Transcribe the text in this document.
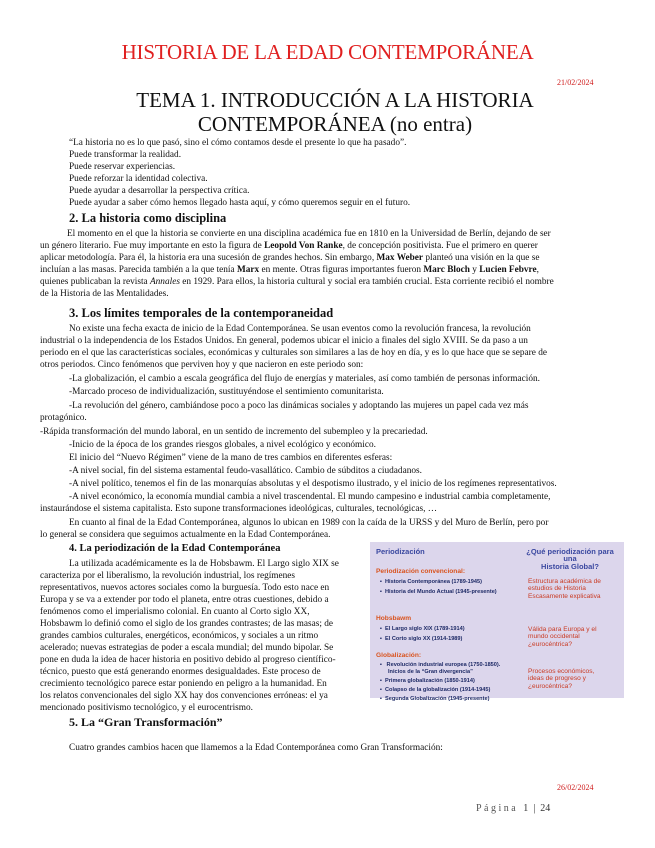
HISTORIA DE LA EDAD CONTEMPORÁNEA
21/02/2024
TEMA 1. INTRODUCCIÓN A LA HISTORIA
CONTEMPORÁNEA (no entra)
“La historia no es lo que pasó, sino el cómo contamos desde el presente lo que ha pasado”.
Puede transformar la realidad.
Puede reservar experiencias.
Puede reforzar la identidad colectiva.
Puede ayudar a desarrollar la perspectiva crítica.
Puede ayudar a saber cómo hemos llegado hasta aquí, y cómo queremos seguir en el futuro.
2. La historia como disciplina
El momento en el que la historia se convierte en una disciplina académica fue en 1810 en la Universidad de Berlín, dejando de ser
un género literario. Fue muy importante en esto la figura de Leopold Von Ranke, de concepción positivista. Fue el primero en querer
aplicar metodología. Para él, la historia era una sucesión de grandes hechos. Sin embargo, Max Weber planteó una visión en la que se
incluían a las masas. Parecida también a la que tenía Marx en mente. Otras figuras importantes fueron Marc Bloch y Lucien Febvre,
quienes publicaban la revista Annales en 1929. Para ellos, la historia cultural y social era también crucial. Esta corriente recibió el nombre
de la Historia de las Mentalidades.
3. Los límites temporales de la contemporaneidad
No existe una fecha exacta de inicio de la Edad Contemporánea. Se usan eventos como la revolución francesa, la revolución
industrial o la independencia de los Estados Unidos. En general, podemos ubicar el inicio a finales del siglo XVIII. Se da paso a un
periodo en el que las características sociales, económicas y culturales son similares a las de hoy en día, y es lo que hace que se separe de
otros periodos. Cinco fenómenos que perviven hoy y que nacieron en este periodo son:
-La globalización, el cambio a escala geográfica del flujo de energías y materiales, así como también de personas información.
-Marcado proceso de individualización, sustituyéndose el sentimiento comunitarista.
-La revolución del género, cambiándose poco a poco las dinámicas sociales y adoptando las mujeres un papel cada vez más
protagónico.
-Rápida transformación del mundo laboral, en un sentido de incremento del subempleo y la precariedad.
-Inicio de la época de los grandes riesgos globales, a nivel ecológico y económico.
El inicio del “Nuevo Régimen” viene de la mano de tres cambios en diferentes esferas:
-A nivel social, fin del sistema estamental feudo-vasallático. Cambio de súbditos a ciudadanos.
-A nivel político, tenemos el fin de las monarquías absolutas y el despotismo ilustrado, y el inicio de los regímenes representativos.
-A nivel económico, la economía mundial cambia a nivel trascendental. El mundo campesino e industrial cambia completamente,
instaurándose el sistema capitalista. Esto supone transformaciones ideológicas, culturales, tecnológicas, …
En cuanto al final de la Edad Contemporánea, algunos lo ubican en 1989 con la caída de la URSS y del Muro de Berlín, pero por
lo general se considera que seguimos actualmente en la Edad Contemporánea.
4. La periodización de la Edad Contemporánea
La utilizada académicamente es la de Hobsbawm. El Largo siglo XIX se
caracteriza por el liberalismo, la revolución industrial, los regímenes
representativos, nuevos actores sociales como la burguesía. Todo esto nace en
Europa y se va a extender por todo el planeta, entre otras cuestiones, debido a
fenómenos como el imperialismo colonial. En cuanto al Corto siglo XX,
Hobsbawm lo definió como el siglo de los grandes contrastes; de las masas; de
grandes cambios culturales, energéticos, económicos, y sociales a un ritmo
acelerado; nuevas estrategias de poder a escala mundial; del mundo bipolar. Se
pone en duda la idea de hacer historia en positivo debido al progreso científico-
técnico, puesto que está generando enormes desigualdades. Este proceso de
crecimiento tecnológico parece estar poniendo en peligro a la humanidad. En
los relatos convencionales del siglo XX hay dos convenciones erróneas: el ya
mencionado positivismo tecnológico, y el eurocentrismo.
Periodización	¿Qué periodización para una
Historia Global?
Periodización convencional:
▪ Historia Contemporánea (1789-1945)
▪ Historia del Mundo Actual (1945-presente)
Estructura académica de
estudios de Historia
Escasamente explicativa
Hobsbawm
▪ El Largo siglo XIX (1789-1914)
▪ El Corto siglo XX (1914-1989)
Válida para Europa y el
mundo occidental
¿eurocéntrica?
Globalización:
▪ Revolución industrial europea (1750-1850).
Inicios de la “Gran divergencia”
▪ Primera globalización (1850-1914)
▪ Colapso de la globalización (1914-1945)
▪ Segunda Globalización (1945-presente)
Procesos económicos,
ideas de progreso y
¿eurocéntrica?
5. La “Gran Transformación”
Cuatro grandes cambios hacen que llamemos a la Edad Contemporánea como Gran Transformación:
26/02/2024
Página 1 | 24
